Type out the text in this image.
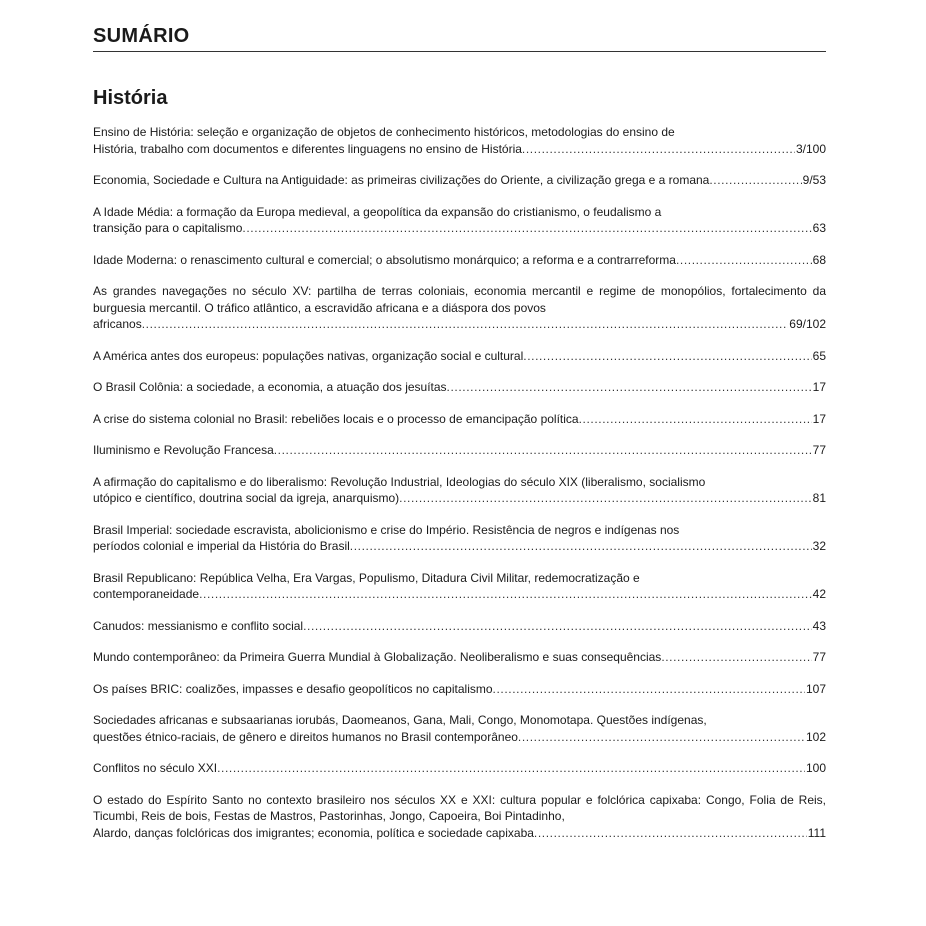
SUMÁRIO
História
Ensino de História: seleção e organização de objetos de conhecimento históricos, metodologias do ensino de
História, trabalho com documentos e diferentes linguagens no ensino de História .....	3/100
Economia, Sociedade e Cultura na Antiguidade: as primeiras civilizações do Oriente, a civilização grega e a romana .....	9/53
A Idade Média: a formação da Europa medieval, a geopolítica da expansão do cristianismo, o feudalismo a
transição para o capitalismo .....	63
Idade Moderna: o renascimento cultural e comercial; o absolutismo monárquico; a reforma e a contrarreforma .....	68
As grandes navegações no século XV: partilha de terras coloniais, economia mercantil e regime de monopólios, fortalecimento da burguesia mercantil. O tráfico atlântico, a escravidão africana e a diáspora dos povos
africanos .....	69/102
A América antes dos europeus: populações nativas, organização social e cultural .....	65
O Brasil Colônia: a sociedade, a economia, a atuação dos jesuítas .....	17
A crise do sistema colonial no Brasil: rebeliões locais e o processo de emancipação política .....	17
Iluminismo e Revolução Francesa .....	77
A afirmação do capitalismo e do liberalismo: Revolução Industrial, Ideologias do século XIX (liberalismo, socialismo
utópico e científico, doutrina social da igreja, anarquismo) .....	81
Brasil Imperial: sociedade escravista, abolicionismo e crise do Império. Resistência de negros e indígenas nos
períodos colonial e imperial da História do Brasil .....	32
Brasil Republicano: República Velha, Era Vargas, Populismo, Ditadura Civil Militar, redemocratização e
contemporaneidade .....	42
Canudos: messianismo e conflito social .....	43
Mundo contemporâneo: da Primeira Guerra Mundial à Globalização. Neoliberalismo e suas consequências .....	77
Os países BRIC: coalizões, impasses e desafio geopolíticos no capitalismo .....	107
Sociedades africanas e subsaarianas iorubás, Daomeanos, Gana, Mali, Congo, Monomotapa. Questões indígenas,
questões étnico-raciais, de gênero e direitos humanos no Brasil contemporâneo .....	102
Conflitos no século XXI .....	100
O estado do Espírito Santo no contexto brasileiro nos séculos XX e XXI: cultura popular e folclórica capixaba: Congo, Folia de Reis, Ticumbi, Reis de bois, Festas de Mastros, Pastorinhas, Jongo, Capoeira, Boi Pintadinho,
Alardo, danças folclóricas dos imigrantes; economia, política e sociedade capixaba .....	111
